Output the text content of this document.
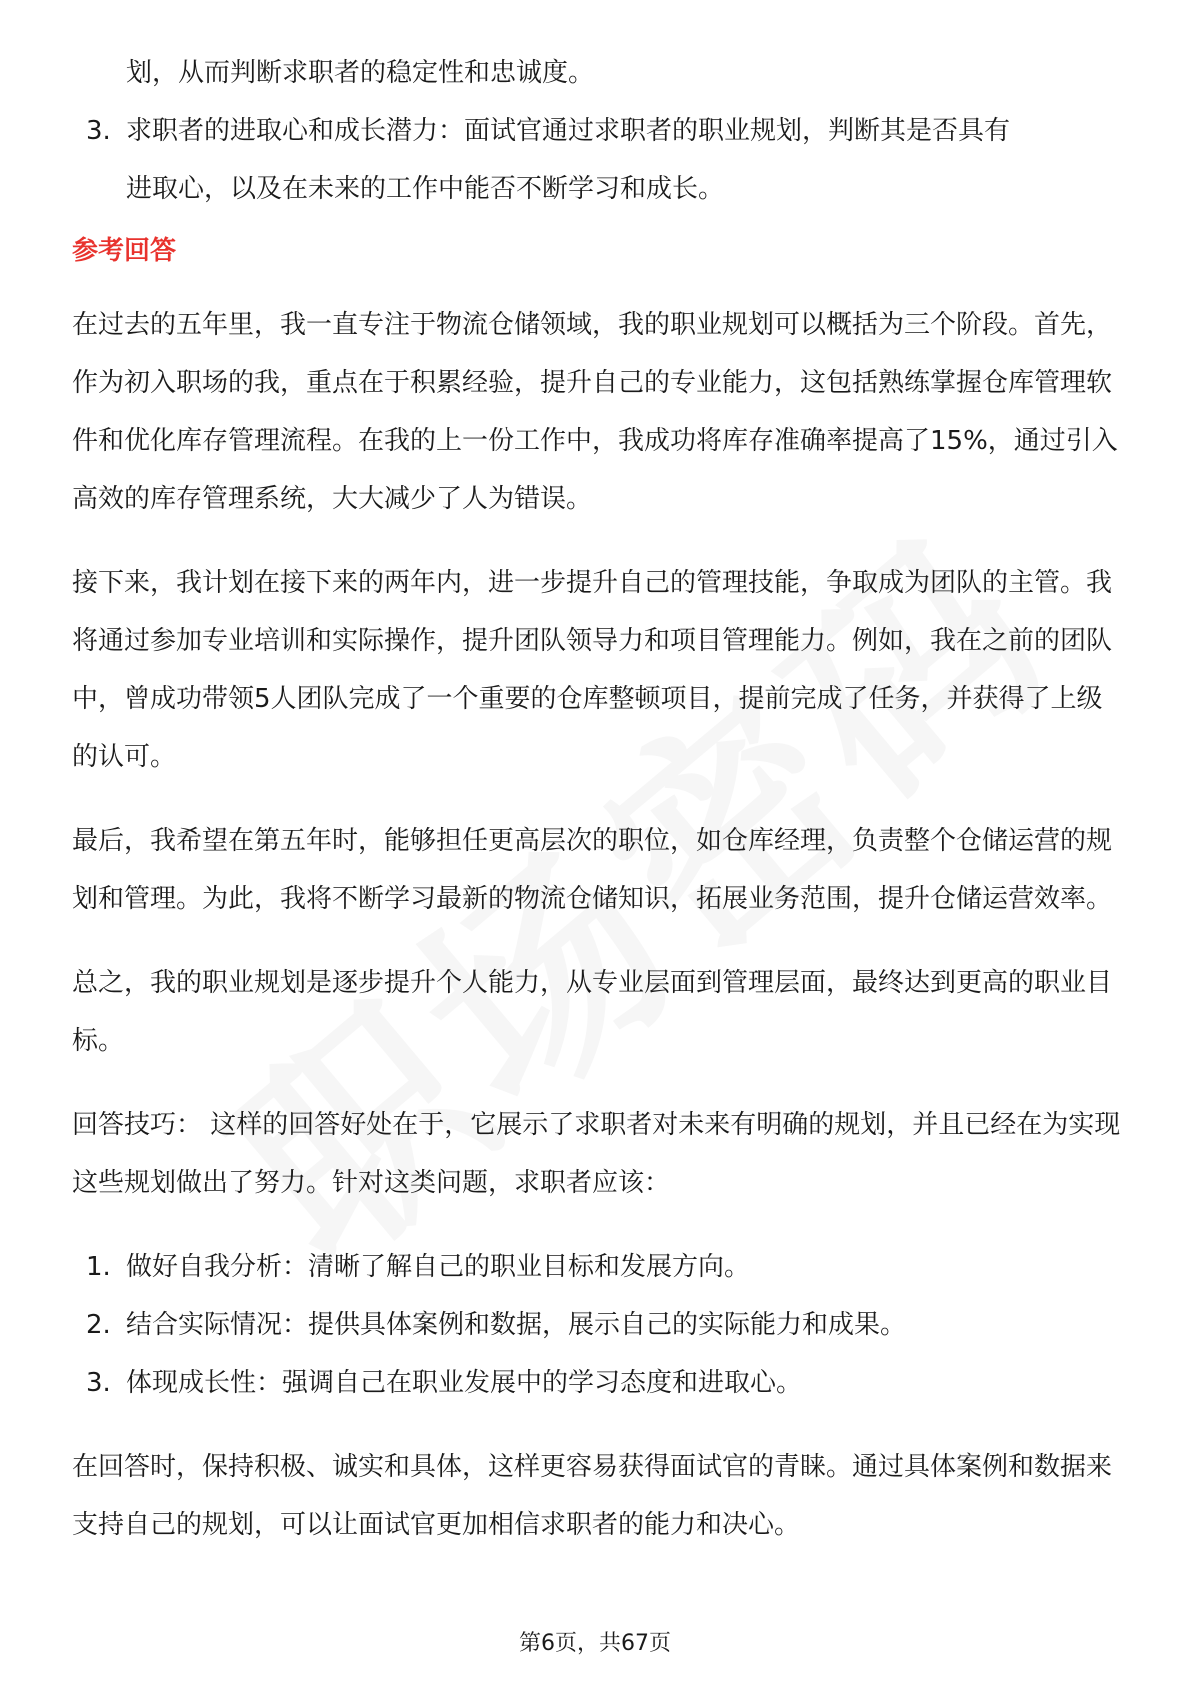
划，从而判断求职者的稳定性和忠诚度。
3. 求职者的进取心和成长潜力：面试官通过求职者的职业规划，判断其是否具有
进取心，以及在未来的工作中能否不断学习和成长。
参考回答

在过去的五年里，我一直专注于物流仓储领域，我的职业规划可以概括为三个阶段。首先，作为初入职场的我，重点在于积累经验，提升自己的专业能力，这包括熟练掌握仓库管理软件和优化库存管理流程。在我的上一份工作中，我成功将库存准确率提高了15%，通过引入高效的库存管理系统，大大减少了人为错误。

接下来，我计划在接下来的两年内，进一步提升自己的管理技能，争取成为团队的主管。我将通过参加专业培训和实际操作，提升团队领导力和项目管理能力。例如，我在之前的团队中，曾成功带领5人团队完成了一个重要的仓库整顿项目，提前完成了任务，并获得了上级的认可。

最后，我希望在第五年时，能够担任更高层次的职位，如仓库经理，负责整个仓储运营的规划和管理。为此，我将不断学习最新的物流仓储知识，拓展业务范围，提升仓储运营效率。

总之，我的职业规划是逐步提升个人能力，从专业层面到管理层面，最终达到更高的职业目标。

回答技巧： 这样的回答好处在于，它展示了求职者对未来有明确的规划，并且已经在为实现这些规划做出了努力。针对这类问题，求职者应该：

1. 做好自我分析：清晰了解自己的职业目标和发展方向。
2. 结合实际情况：提供具体案例和数据，展示自己的实际能力和成果。
3. 体现成长性：强调自己在职业发展中的学习态度和进取心。

在回答时，保持积极、诚实和具体，这样更容易获得面试官的青睐。通过具体案例和数据来支持自己的规划，可以让面试官更加相信求职者的能力和决心。

第6页，共67页
